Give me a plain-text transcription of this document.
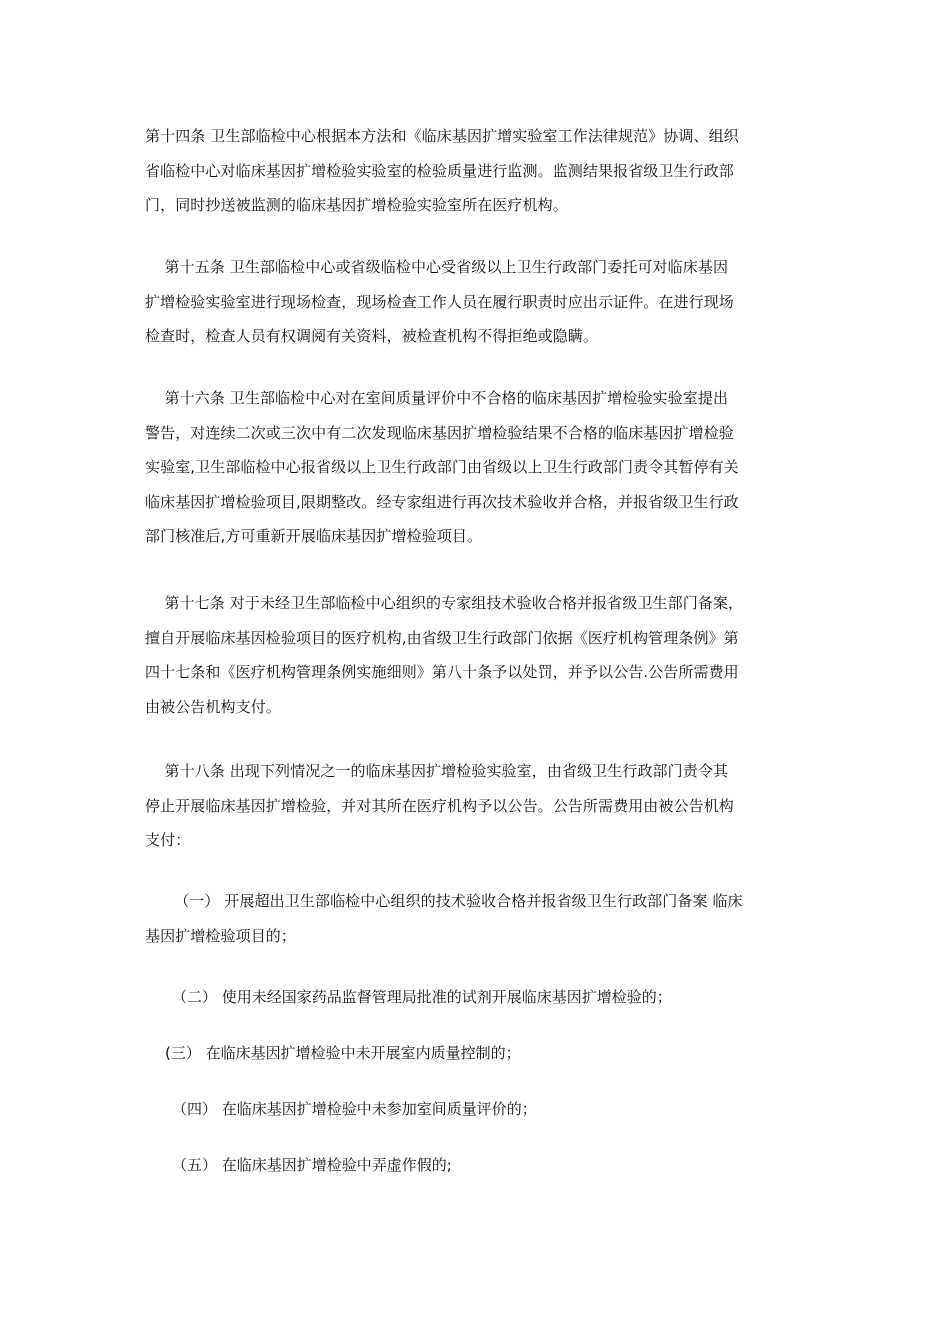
第十四条 卫生部临检中心根据本方法和《临床基因扩增实验室工作法律规范》协调、组织
省临检中心对临床基因扩增检验实验室的检验质量进行监测。监测结果报省级卫生行政部
门，同时抄送被监测的临床基因扩增检验实验室所在医疗机构。
第十五条 卫生部临检中心或省级临检中心受省级以上卫生行政部门委托可对临床基因
扩增检验实验室进行现场检查，现场检查工作人员在履行职责时应出示证件。在进行现场
检查时，检查人员有权调阅有关资料，被检查机构不得拒绝或隐瞒。
第十六条 卫生部临检中心对在室间质量评价中不合格的临床基因扩增检验实验室提出
警告，对连续二次或三次中有二次发现临床基因扩增检验结果不合格的临床基因扩增检验
实验室,卫生部临检中心报省级以上卫生行政部门由省级以上卫生行政部门责令其暂停有关
临床基因扩增检验项目,限期整改。经专家组进行再次技术验收并合格，并报省级卫生行政
部门核准后,方可重新开展临床基因扩增检验项目。
第十七条 对于未经卫生部临检中心组织的专家组技术验收合格并报省级卫生部门备案，
擅自开展临床基因检验项目的医疗机构,由省级卫生行政部门依据《医疗机构管理条例》第
四十七条和《医疗机构管理条例实施细则》第八十条予以处罚，并予以公告.公告所需费用
由被公告机构支付。
第十八条 出现下列情况之一的临床基因扩增检验实验室，由省级卫生行政部门责令其
停止开展临床基因扩增检验，并对其所在医疗机构予以公告。公告所需费用由被公告机构
支付：
（一） 开展超出卫生部临检中心组织的技术验收合格并报省级卫生行政部门备案 临床
基因扩增检验项目的；

（二） 使用未经国家药品监督管理局批准的试剂开展临床基因扩增检验的；

(三） 在临床基因扩增检验中未开展室内质量控制的；

（四） 在临床基因扩增检验中未参加室间质量评价的；

（五） 在临床基因扩增检验中弄虚作假的;
